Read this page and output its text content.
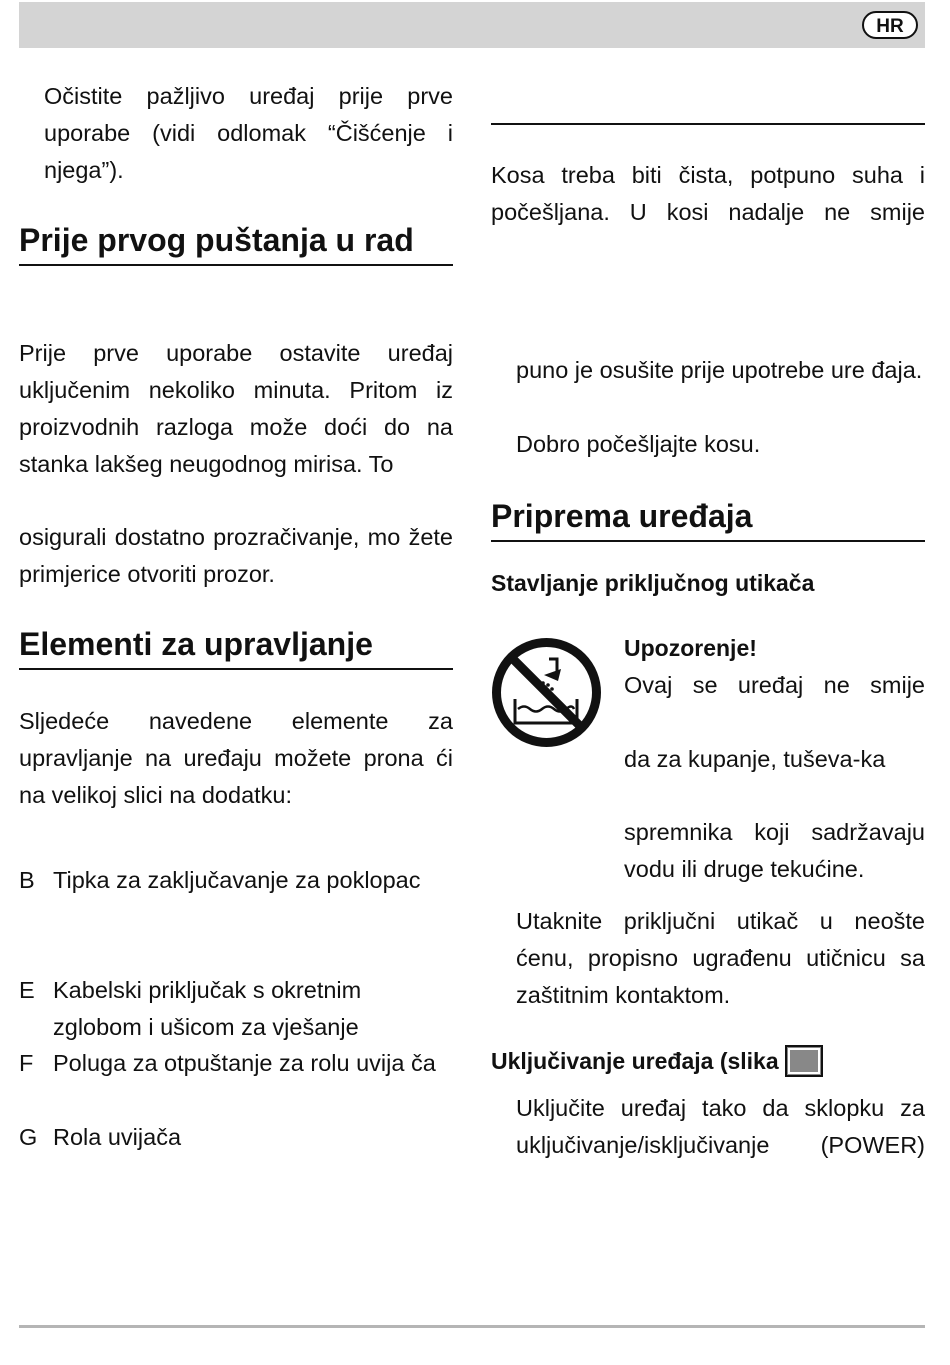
HR

Očistite pažljivo uređaj prije prve uporabe (vidi odlomak “Čišćenje i njega”).

Prije prvog puštanja u rad

Prije prve uporabe ostavite uređaj uključenim nekoliko minuta. Pritom iz proizvodnih razloga može doći do na stanka lakšeg neugodnog mirisa. To

osigurali dostatno prozračivanje, mo žete primjerice otvoriti prozor.

Elementi za upravljanje

Sljedeće navedene elemente za upravljanje na uređaju možete prona ći na velikoj slici na dodatku:

B Tipka za zaključavanje za poklopac
E Kabelski priključak s okretnim zglobom i ušicom za vješanje
F Poluga za otpuštanje za rolu uvija ča
G Rola uvijača

Kosa treba biti čista, potpuno suha i počešljana. U kosi nadalje ne smije

puno je osušite prije upotrebe ure đaja.

Dobro počešljajte kosu.

Priprema uređaja
Stavljanje priključnog utikača
Upozorenje!

Ovaj se uređaj ne smije

da za kupanje, tuševa-ka

spremnika koji sadržavaju vodu ili druge tekućine.

Utaknite priključni utikač u neošte ćenu, propisno ugrađenu utičnicu sa zaštitnim kontaktom.

Uključivanje uređaja (slika

Uključite uređaj tako da sklopku za uključivanje/isključivanje (POWER)
